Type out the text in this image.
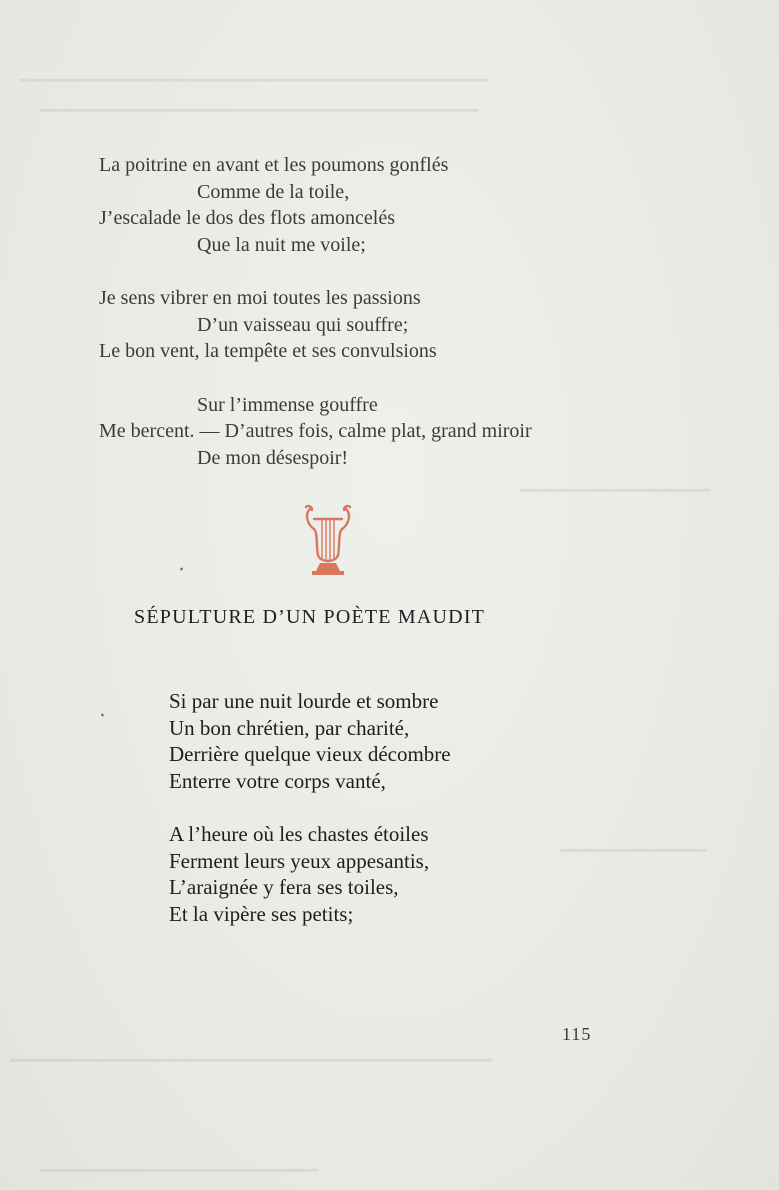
▁▁▁▁▁▁▁▁▁▁▁▁▁▁▁▁▁▁▁▁▁▁▁▁▁▁▁▁▁▁▁▁
▁▁▁▁▁▁▁▁▁▁▁▁▁▁▁▁▁▁▁▁▁▁▁▁▁▁▁▁▁▁
▁▁▁▁▁▁▁▁▁▁▁▁▁
▁▁▁▁▁▁▁▁▁▁
▁▁▁▁▁▁▁▁▁▁▁▁▁▁▁▁▁▁▁▁▁▁▁▁▁▁▁▁▁▁▁▁▁
▁▁▁▁▁▁▁▁▁▁▁▁▁▁▁▁▁▁▁
La poitrine en avant et les poumons gonflés
Comme de la toile,
J’escalade le dos des flots amoncelés
Que la nuit me voile;
Je sens vibrer en moi toutes les passions
D’un vaisseau qui souffre;
Le bon vent, la tempête et ses convulsions
Sur l’immense gouffre
Me bercent. — D’autres fois, calme plat, grand miroir
De mon désespoir!
SÉPULTURE D’UN POÈTE MAUDIT
Si par une nuit lourde et sombre
Un bon chrétien, par charité,
Derrière quelque vieux décombre
Enterre votre corps vanté,
A l’heure où les chastes étoiles
Ferment leurs yeux appesantis,
L’araignée y fera ses toiles,
Et la vipère ses petits;
115
